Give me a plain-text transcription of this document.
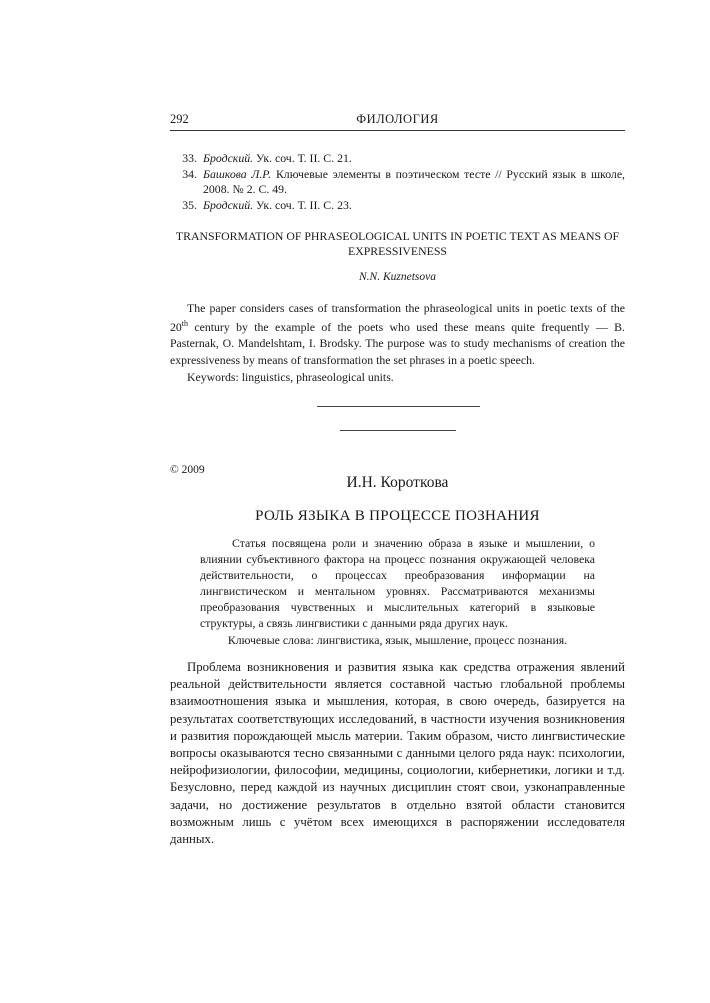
292	ФИЛОЛОГИЯ
33. Бродский. Ук. соч. Т. II. С. 21.
34. Башкова Л.Р. Ключевые элементы в поэтическом тесте // Русский язык в школе, 2008. № 2. С. 49.
35. Бродский. Ук. соч. Т. II. С. 23.
TRANSFORMATION OF PHRASEOLOGICAL UNITS IN POETIC TEXT AS MEANS OF EXPRESSIVENESS
N.N. Kuznetsova

The paper considers cases of transformation the phraseological units in poetic texts of the 20th century by the example of the poets who used these means quite frequently — B. Pasternak, O. Mandelshtam, I. Brodsky. The purpose was to study mechanisms of creation the expressiveness by means of transformation the set phrases in a poetic speech.

Keywords: linguistics, phraseological units.
© 2009
И.Н. Короткова
РОЛЬ ЯЗЫКА В ПРОЦЕССЕ ПОЗНАНИЯ

Статья посвящена роли и значению образа в языке и мышлении, о влиянии субъективного фактора на процесс познания окружающей человека действительности, о процессах преобразования информации на лингвистическом и ментальном уровнях. Рассматриваются механизмы преобразования чувственных и мыслительных категорий в языковые структуры, а связь лингвистики с данными ряда других наук.

Ключевые слова: лингвистика, язык, мышление, процесс познания.

Проблема возникновения и развития языка как средства отражения явлений реальной действительности является составной частью глобальной проблемы взаимоотношения языка и мышления, которая, в свою очередь, базируется на результатах соответствующих исследований, в частности изучения возникновения и развития порождающей мысль материи. Таким образом, чисто лингвистические вопросы оказываются тесно связанными с данными целого ряда наук: психологии, нейрофизиологии, философии, медицины, социологии, кибернетики, логики и т.д. Безусловно, перед каждой из научных дисциплин стоят свои, узконаправленные задачи, но достижение результатов в отдельно взятой области становится возможным лишь с учётом всех имеющихся в распоряжении исследователя данных.
